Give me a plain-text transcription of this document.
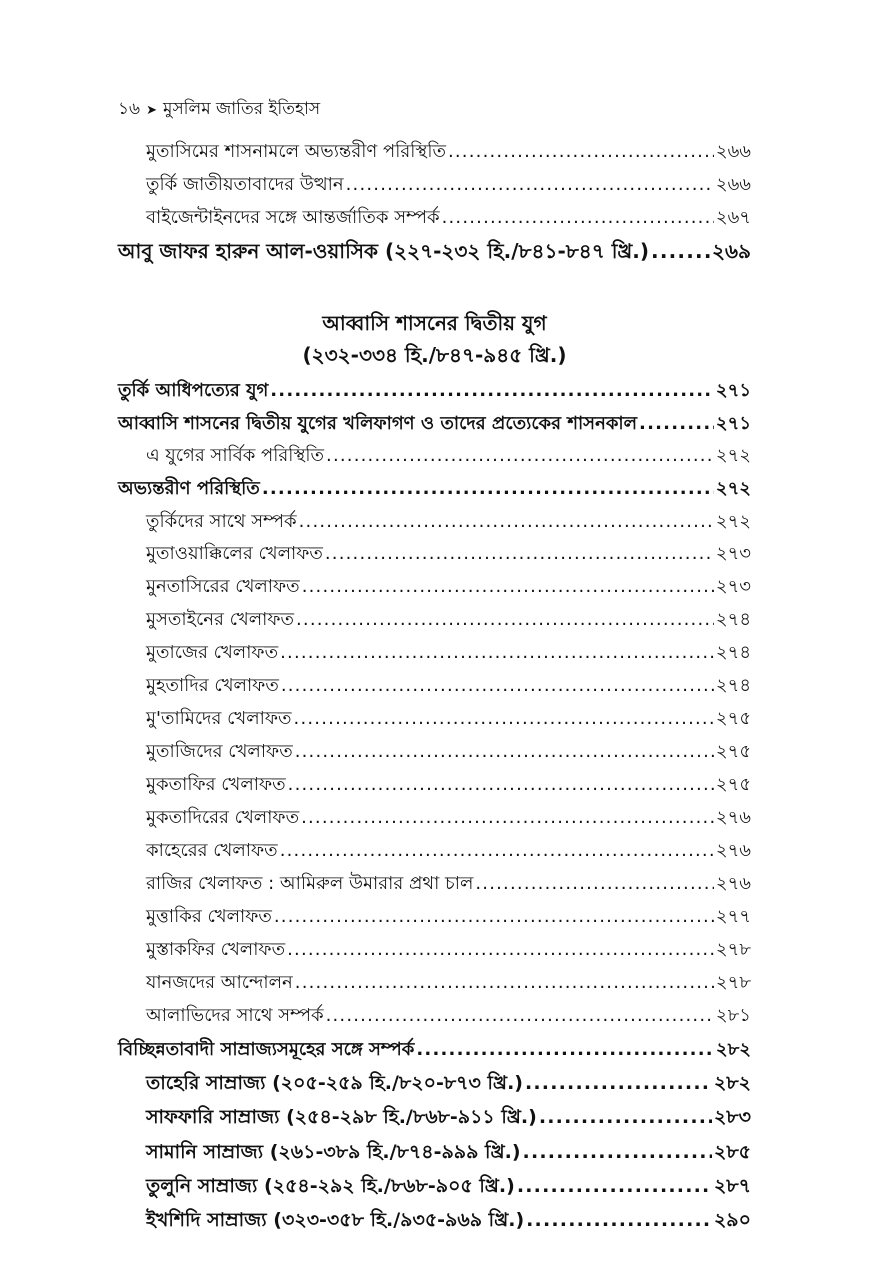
১৬ ➤ মুসলিম জাতির ইতিহাস
মুতাসিমের শাসনামলে অভ্যন্তরীণ পরিস্থিতি .....	২৬৬
তুর্কি জাতীয়তাবাদের উত্থান .....	২৬৬
বাইজেন্টাইনদের সঙ্গে আন্তর্জাতিক সম্পর্ক .....	২৬৭
আবু জাফর হারুন আল-ওয়াসিক (২২৭-২৩২ হি./৮৪১-৮৪৭ খ্রি.) .....	২৬৯
আব্বাসি শাসনের দ্বিতীয় যুগ
(২৩২-৩৩৪ হি./৮৪৭-৯৪৫ খ্রি.)
তুর্কি আধিপত্যের যুগ .....	২৭১
আব্বাসি শাসনের দ্বিতীয় যুগের খলিফাগণ ও তাদের প্রত্যেকের শাসনকাল .....	২৭১
এ যুগের সার্বিক পরিস্থিতি .....	২৭২
অভ্যন্তরীণ পরিস্থিতি .....	২৭২
তুর্কিদের সাথে সম্পর্ক .....	২৭২
মুতাওয়াক্কিলের খেলাফত .....	২৭৩
মুনতাসিরের খেলাফত .....	২৭৩
মুসতাইনের খেলাফত .....	২৭৪
মুতাজের খেলাফত .....	২৭৪
মুহতাদির খেলাফত .....	২৭৪
মু'তামিদের খেলাফত .....	২৭৫
মুতাজিদের খেলাফত .....	২৭৫
মুকতাফির খেলাফত .....	২৭৫
মুকতাদিরের খেলাফত .....	২৭৬
কাহেরের খেলাফত .....	২৭৬
রাজির খেলাফত : আমিরুল উমারার প্রথা চাল .....	২৭৬
মুত্তাকির খেলাফত .....	২৭৭
মুস্তাকফির খেলাফত .....	২৭৮
যানজদের আন্দোলন .....	২৭৮
আলাভিদের সাথে সম্পর্ক .....	২৮১
বিচ্ছিন্নতাবাদী সাম্রাজ্যসমূহের সঙ্গে সম্পর্ক .....	২৮২
তাহেরি সাম্রাজ্য (২০৫-২৫৯ হি./৮২০-৮৭৩ খ্রি.) .....	২৮২
সাফফারি সাম্রাজ্য (২৫৪-২৯৮ হি./৮৬৮-৯১১ খ্রি.) .....	২৮৩
সামানি সাম্রাজ্য (২৬১-৩৮৯ হি./৮৭৪-৯৯৯ খ্রি.) .....	২৮৫
তুলুনি সাম্রাজ্য (২৫৪-২৯২ হি./৮৬৮-৯০৫ খ্রি.) .....	২৮৭
ইখশিদি সাম্রাজ্য (৩২৩-৩৫৮ হি./৯৩৫-৯৬৯ খ্রি.) .....	২৯০
